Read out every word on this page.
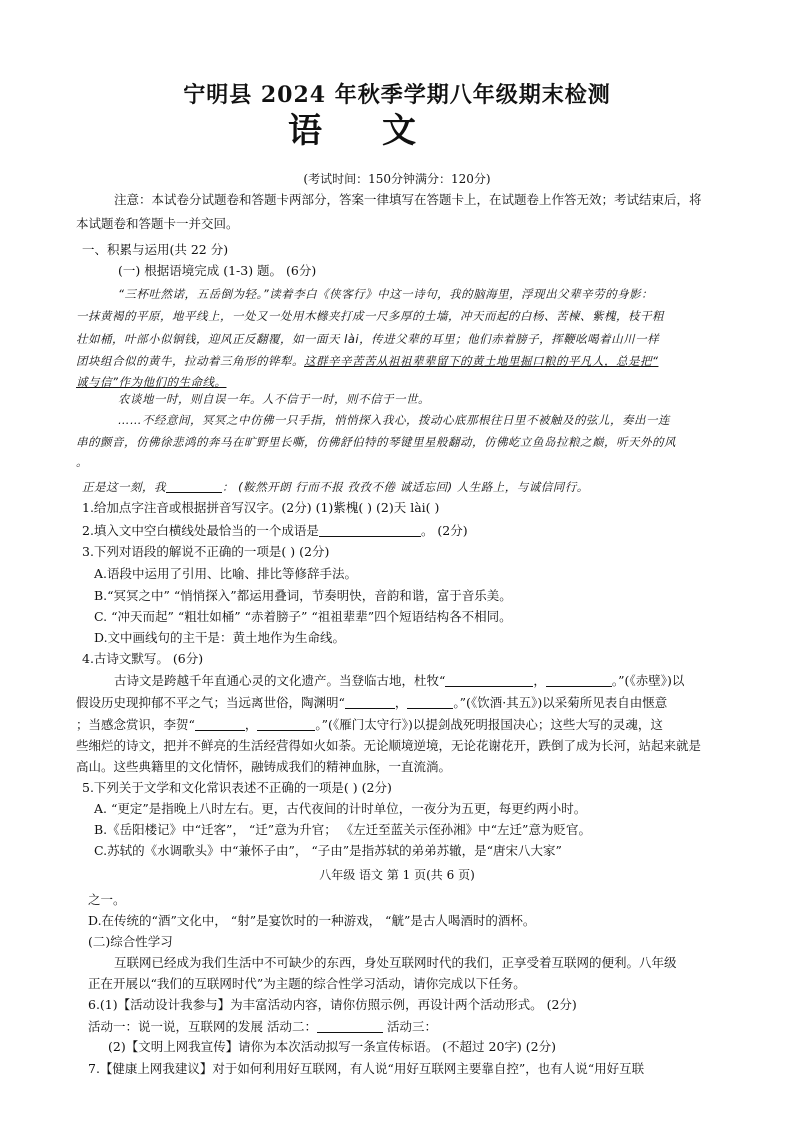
宁明县 2024 年秋季学期八年级期末检测
语文
(考试时间：150分钟满分：120分)
注意：本试卷分试题卷和答题卡两部分，答案一律填写在答题卡上，在试题卷上作答无效；考试结束后，将
本试题卷和答题卡一并交回。
一、积累与运用(共 22 分)
(一) 根据语境完成 (1-3) 题。 (6分)
“三杯吐然诺，五岳倒为轻。”读着李白《侠客行》中这一诗句，我的脑海里，浮现出父辈辛劳的身影：
一抹黄褐的平原，地平线上，一处又一处用木橼夹打成一尺多厚的土墙，冲天而起的白杨、苦楝、紫槐，枝干粗
壮如桶，叶部小似铜钱，迎风正反翻覆，如一面天 lài，传进父辈的耳里；他们赤着膀子，挥鞭吆喝着山川一样
团块组合似的黄牛，拉动着三角形的铧犁。这群辛辛苦苦从祖祖辈辈留下的黄土地里掘口粮的平凡人，总是把“
诚与信”作为他们的生命线。
农谈地一时，则自误一年。人不信于一时，则不信于一世。
……不经意间，冥冥之中仿佛一只手指，悄悄探入我心，拨动心底那根往日里不被触及的弦儿，奏出一连
串的颤音，仿佛徐悲鸿的奔马在旷野里长嘶，仿佛舒伯特的琴键里星般翻动，仿佛屹立鱼岛拉粮之巅，听天外的风
。
正是这一刻，我	： (鞍然开朗 行而不报 孜孜不倦 诚适忘回) 人生路上，与诚信同行。
1.给加点字注音或根据拼音写汉字。(2分) (1)紫槐( ) (2)天 lài( )
2.填入文中空白横线处最恰当的一个成语是	。 (2分)
3.下列对语段的解说不正确的一项是( ) (2分)
A.语段中运用了引用、比喻、排比等修辞手法。
B.“冥冥之中” “悄悄探入”都运用叠词，节奏明快，音韵和谐，富于音乐美。
C. “冲天而起” “粗壮如桶” “赤着膀子” “祖祖辈辈”四个短语结构各不相同。
D.文中画线句的主干是：黄土地作为生命线。
4.古诗文默写。 (6分)
古诗文是跨越千年直通心灵的文化遗产。当登临古地，杜牧“	，	。”(《赤壁》)以
假设历史现抑郁不平之气；当远离世俗，陶渊明“	，	。”(《饮酒·其五》)以采菊所见表自由惬意
；当感念赏识，李贺“	，	。”(《雁门太守行》)以提剑战死明报国决心；这些大写的灵魂，这
些缃烂的诗文，把并不鲜亮的生活经营得如火如荼。无论顺境逆境，无论花谢花开，跌倒了成为长河，站起来就是
高山。这些典籍里的文化情怀，融铸成我们的精神血脉，一直流淌。
5.下列关于文学和文化常识表述不正确的一项是( ) (2分)
A. “更定”是指晚上八时左右。更，古代夜间的计时单位，一夜分为五更，每更约两小时。
B.《岳阳楼记》中“迁客”， “迁”意为升官； 《左迁至蓝关示侄孙湘》中“左迁”意为贬官。
C.苏轼的《水调歌头》中“兼怀子由”， “子由”是指苏轼的弟弟苏辙，是“唐宋八大家”
八年级 语文 第 1 页(共 6 页)
之一。
D.在传统的“酒”文化中， “射”是宴饮时的一种游戏， “觥”是古人喝酒时的酒杯。
(二)综合性学习
互联网已经成为我们生活中不可缺少的东西，身处互联网时代的我们，正享受着互联网的便利。八年级
正在开展以“我们的互联网时代”为主题的综合性学习活动，请你完成以下任务。
6.(1)【活动设计我参与】为丰富活动内容，请你仿照示例，再设计两个活动形式。 (2分)
活动一：说一说，互联网的发展 活动二：	活动三：
(2)【文明上网我宣传】请你为本次活动拟写一条宣传标语。 (不超过 20字) (2分)
7.【健康上网我建议】对于如何利用好互联网，有人说“用好互联网主要靠自控”，也有人说“用好互联
